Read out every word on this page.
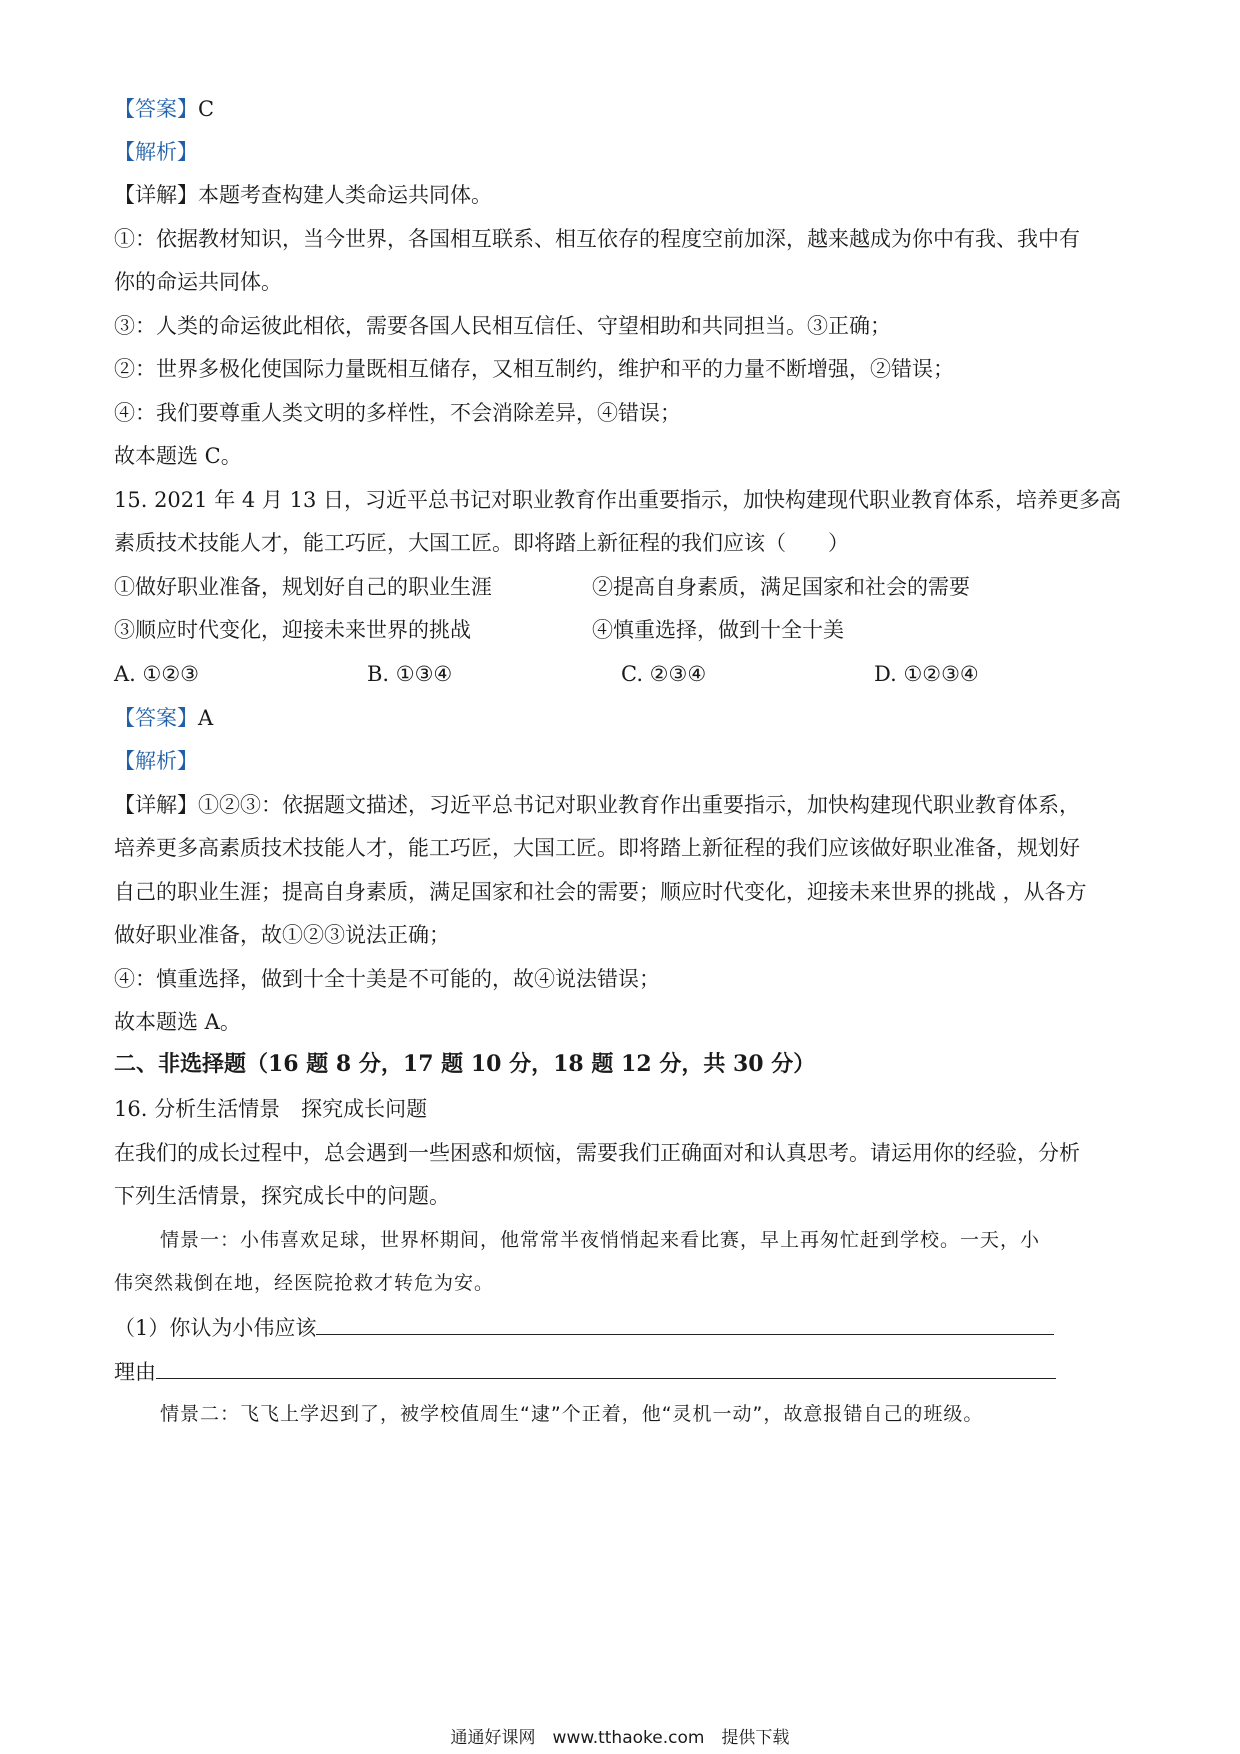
【答案】C
【解析】
【详解】本题考查构建人类命运共同体。
①：依据教材知识，当今世界，各国相互联系、相互依存的程度空前加深，越来越成为你中有我、我中有
你的命运共同体。
③：人类的命运彼此相依，需要各国人民相互信任、守望相助和共同担当。③正确；
②：世界多极化使国际力量既相互储存，又相互制约，维护和平的力量不断增强，②错误；
④：我们要尊重人类文明的多样性，不会消除差异，④错误；
故本题选 C。
15. 2021 年 4 月 13 日，习近平总书记对职业教育作出重要指示，加快构建现代职业教育体系，培养更多高
素质技术技能人才，能工巧匠，大国工匠。即将踏上新征程的我们应该（　　）
①做好职业准备，规划好自己的职业生涯	②提高自身素质，满足国家和社会的需要
③顺应时代变化，迎接未来世界的挑战	④慎重选择，做到十全十美
A. ①②③	B. ①③④	C. ②③④	D. ①②③④
【答案】A
【解析】
【详解】①②③：依据题文描述，习近平总书记对职业教育作出重要指示，加快构建现代职业教育体系，
培养更多高素质技术技能人才，能工巧匠，大国工匠。即将踏上新征程的我们应该做好职业准备，规划好
自己的职业生涯；提高自身素质，满足国家和社会的需要；顺应时代变化，迎接未来世界的挑战 ，从各方
做好职业准备，故①②③说法正确；
④：慎重选择，做到十全十美是不可能的，故④说法错误；
故本题选 A。
二、非选择题（16 题 8 分，17 题 10 分，18 题 12 分，共 30 分）
16. 分析生活情景　探究成长问题
在我们的成长过程中，总会遇到一些困惑和烦恼，需要我们正确面对和认真思考。请运用你的经验，分析
下列生活情景，探究成长中的问题。
情景一：小伟喜欢足球，世界杯期间，他常常半夜悄悄起来看比赛，早上再匆忙赶到学校。一天，小
伟突然栽倒在地，经医院抢救才转危为安。
（1）你认为小伟应该
理由
情景二：飞飞上学迟到了，被学校值周生“逮”个正着，他“灵机一动”，故意报错自己的班级。
通通好课网　www.tthaoke.com　提供下载
